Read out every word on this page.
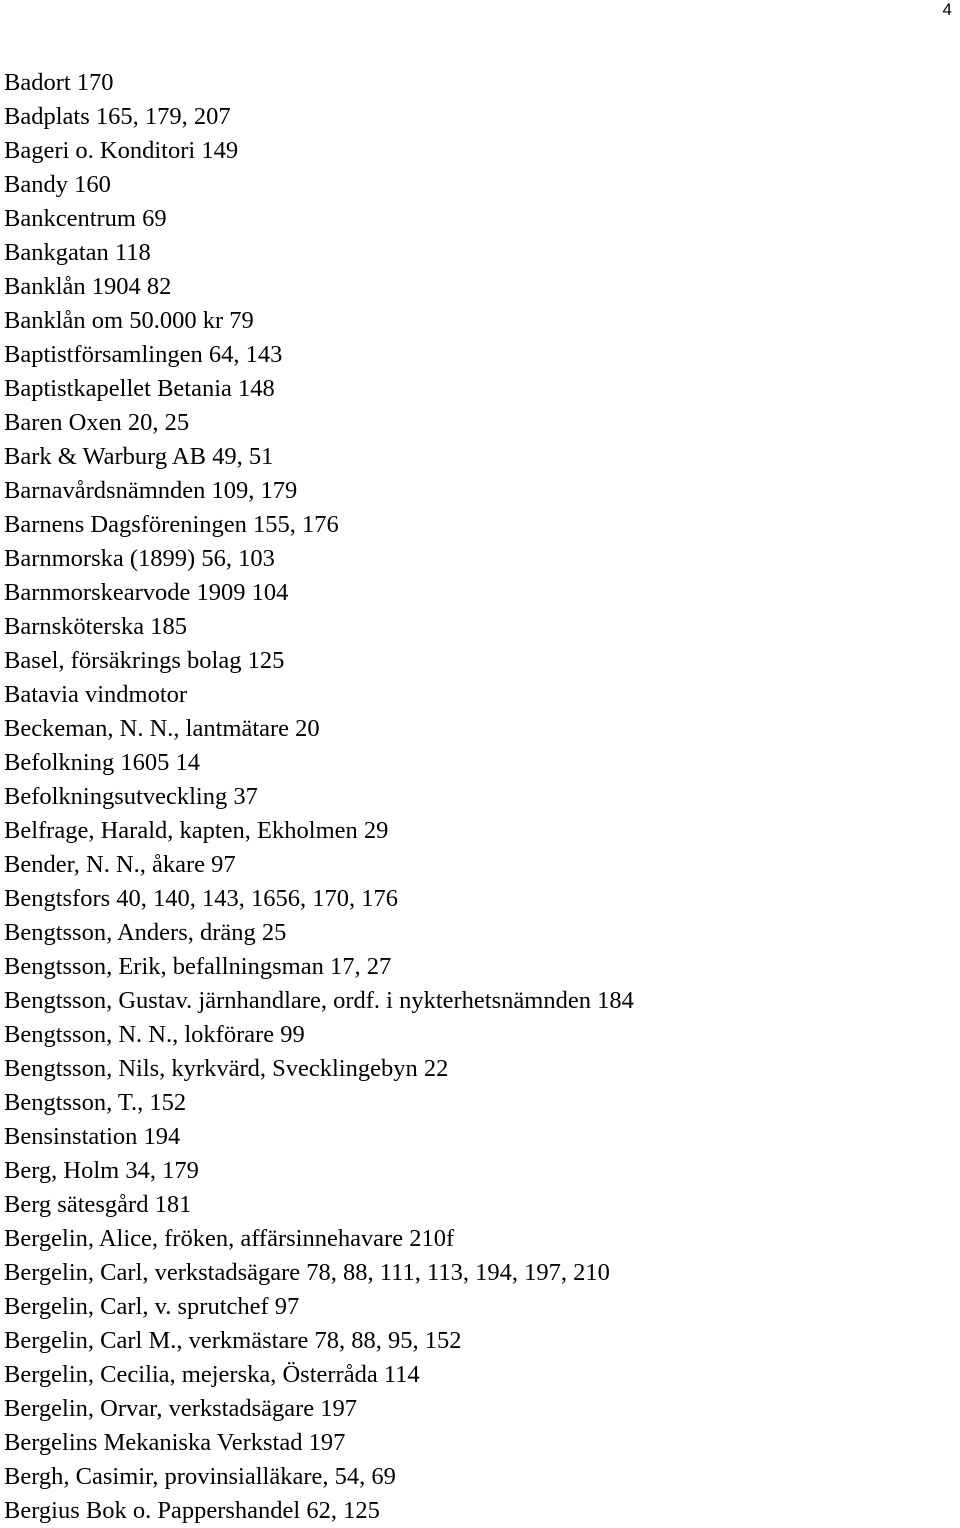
4
Badort 170
Badplats 165, 179, 207
Bageri o. Konditori 149
Bandy 160
Bankcentrum 69
Bankgatan 118
Banklån 1904 82
Banklån om 50.000 kr 79
Baptistförsamlingen 64, 143
Baptistkapellet Betania 148
Baren Oxen 20, 25
Bark & Warburg AB 49, 51
Barnavårdsnämnden 109, 179
Barnens Dagsföreningen 155, 176
Barnmorska (1899) 56, 103
Barnmorskearvode 1909 104
Barnsköterska 185
Basel, försäkrings bolag 125
Batavia vindmotor
Beckeman, N. N., lantmätare 20
Befolkning 1605 14
Befolkningsutveckling 37
Belfrage, Harald, kapten, Ekholmen 29
Bender, N. N., åkare 97
Bengtsfors 40, 140, 143, 1656, 170, 176
Bengtsson, Anders, dräng 25
Bengtsson, Erik, befallningsman 17, 27
Bengtsson, Gustav. järnhandlare, ordf. i nykterhetsnämnden 184
Bengtsson, N. N., lokförare 99
Bengtsson, Nils, kyrkvärd, Svecklingebyn 22
Bengtsson, T., 152
Bensinstation 194
Berg, Holm 34, 179
Berg sätesgård 181
Bergelin, Alice, fröken, affärsinnehavare 210f
Bergelin, Carl, verkstadsägare 78, 88, 111, 113, 194, 197, 210
Bergelin, Carl, v. sprutchef 97
Bergelin, Carl M., verkmästare 78, 88, 95, 152
Bergelin, Cecilia, mejerska, Österråda 114
Bergelin, Orvar, verkstadsägare 197
Bergelins Mekaniska Verkstad 197
Bergh, Casimir, provinsialläkare, 54, 69
Bergius Bok o. Pappershandel 62, 125
